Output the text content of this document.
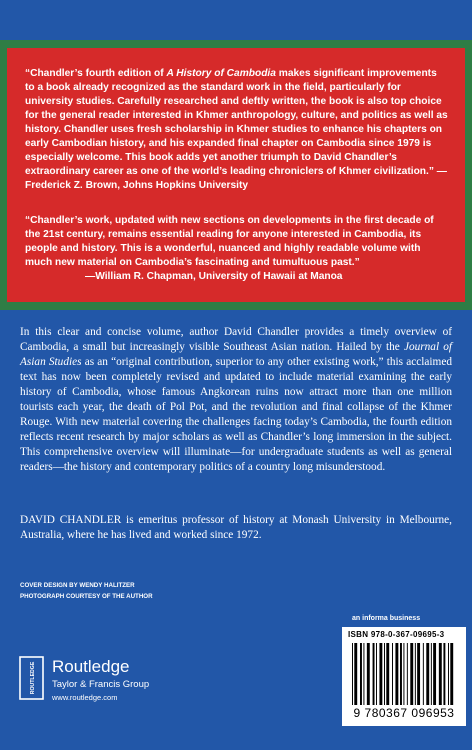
“Chandler’s fourth edition of A History of Cambodia makes significant improvements to a book already recognized as the standard work in the field, particularly for university studies. Carefully researched and deftly written, the book is also top choice for the general reader interested in Khmer anthropology, culture, and politics as well as history. Chandler uses fresh scholarship in Khmer studies to enhance his chapters on early Cambodian history, and his expanded final chapter on Cambodia since 1979 is especially welcome. This book adds yet another triumph to David Chandler’s extraordinary career as one of the world’s leading chroniclers of Khmer civilization.” —Frederick Z. Brown, Johns Hopkins University
“Chandler’s work, updated with new sections on developments in the first decade of the 21st century, remains essential reading for anyone interested in Cambodia, its people and history. This is a wonderful, nuanced and highly readable volume with much new material on Cambodia’s fascinating and tumultuous past.”
—William R. Chapman, University of Hawaii at Manoa
In this clear and concise volume, author David Chandler provides a timely overview of Cambodia, a small but increasingly visible Southeast Asian nation. Hailed by the Journal of Asian Studies as an “original contribution, superior to any other existing work,” this acclaimed text has now been completely revised and updated to include material examining the early history of Cambodia, whose famous Angkorean ruins now attract more than one million tourists each year, the death of Pol Pot, and the revolution and final collapse of the Khmer Rouge. With new material covering the challenges facing today’s Cambodia, the fourth edition reflects recent research by major scholars as well as Chandler’s long immersion in the subject. This comprehensive overview will illuminate—for undergraduate students as well as general readers—the history and contemporary politics of a country long misunderstood.
DAVID CHANDLER is emeritus professor of history at Monash University in Melbourne, Australia, where he has lived and worked since 1972.
COVER DESIGN BY WENDY HALITZER
PHOTOGRAPH COURTESY OF THE AUTHOR
an informa business
ISBN 978-0-367-09695-3
9 780367 096953
ROUTLEDGE Routledge
Taylor & Francis Group
www.routledge.com
